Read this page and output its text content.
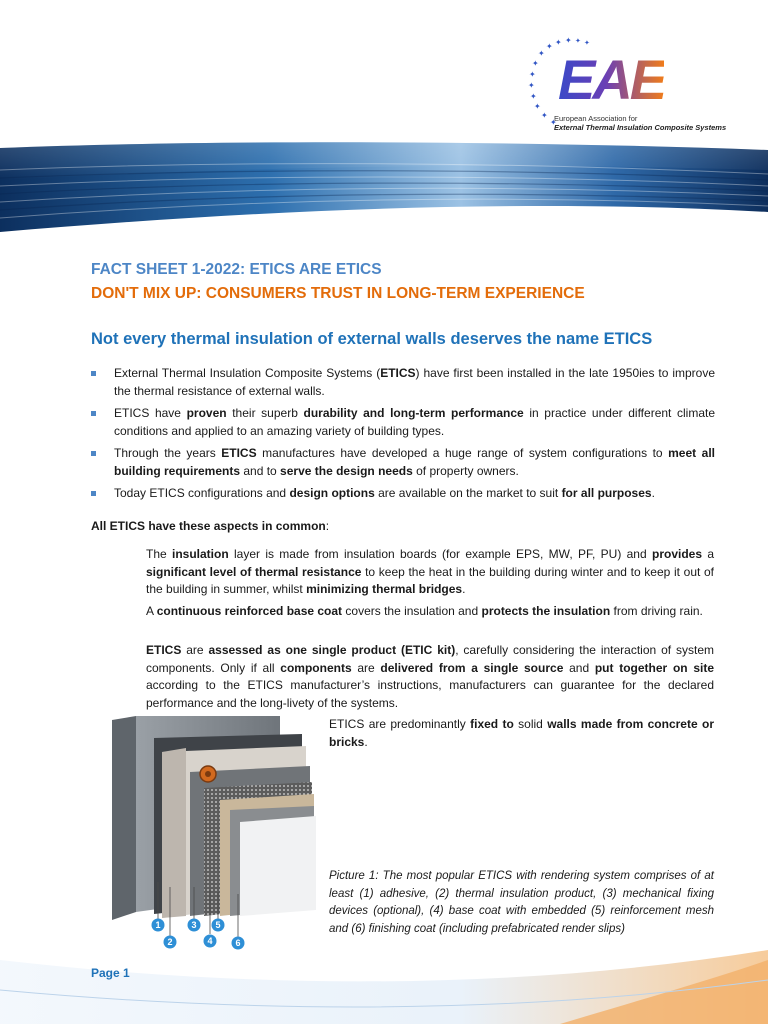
✦
✦ ✦ ✦
✦
✦
✦
✦
✦
✦
✦
✦ ✦
EAE
European Association for
External Thermal Insulation Composite Systems
FACT SHEET 1-2022: ETICS ARE ETICS
DON'T MIX UP: CONSUMERS TRUST IN LONG-TERM EXPERIENCE
Not every thermal insulation of external walls deserves the name ETICS
External Thermal Insulation Composite Systems (ETICS) have first been installed in the late 1950ies to improve the thermal resistance of external walls.
ETICS have proven their superb durability and long-term performance in practice under different climate conditions and applied to an amazing variety of building types.
Through the years ETICS manufactures have developed a huge range of system configurations to meet all building requirements and to serve the design needs of property owners.
Today ETICS configurations and design options are available on the market to suit for all purposes.
All ETICS have these aspects in common:

The insulation layer is made from insulation boards (for example EPS, MW, PF, PU) and provides a significant level of thermal resistance to keep the heat in the building during winter and to keep it out of the building in summer, whilst minimizing thermal bridges.

A continuous reinforced base coat covers the insulation and protects the insulation from driving rain.

ETICS are assessed as one single product (ETIC kit), carefully considering the interaction of system components. Only if all components are delivered from a single source and put together on site according to the ETICS manufacturer’s instructions, manufacturers can guarantee for the declared performance and the long-livety of the systems.

1
2
3
4
5
6
ETICS are predominantly fixed to solid walls made from concrete or bricks.
Picture 1: The most popular ETICS with rendering system comprises of at least (1) adhesive, (2) thermal insulation product, (3) mechanical fixing devices (optional), (4) base coat with embedded (5) reinforcement mesh and (6) finishing coat (including prefabricated render slips)
Page 1
